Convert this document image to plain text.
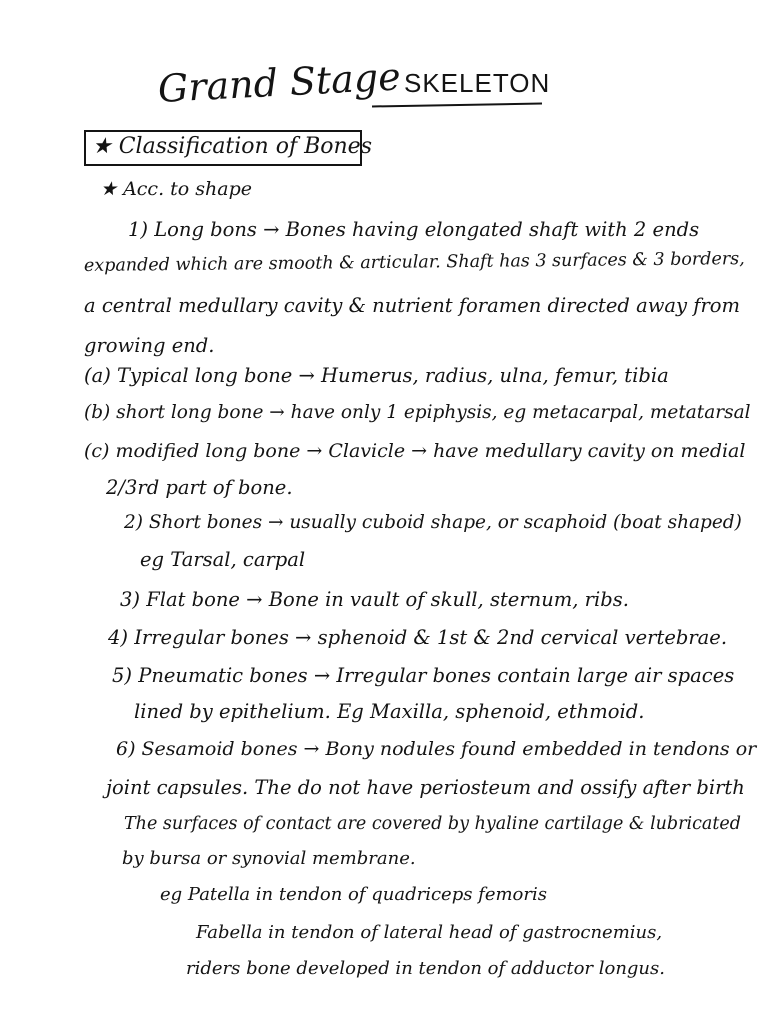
Grand Stage SKELETON
★ Classification of Bones
★ Acc. to shape
1) Long bons → Bones having elongated shaft with 2 ends
expanded which are smooth & articular. Shaft has 3 surfaces & 3 borders,
a central medullary cavity & nutrient foramen directed away from
growing end.
(a) Typical long bone → Humerus, radius, ulna, femur, tibia
(b) short long bone → have only 1 epiphysis, eg metacarpal, metatarsal
(c) modified long bone → Clavicle → have medullary cavity on medial
2/3rd part of bone.
2) Short bones → usually cuboid shape, or scaphoid (boat shaped)
eg Tarsal, carpal
3) Flat bone → Bone in vault of skull, sternum, ribs.
4) Irregular bones → sphenoid & 1st & 2nd cervical vertebrae.
5) Pneumatic bones → Irregular bones contain large air spaces
lined by epithelium. Eg Maxilla, sphenoid, ethmoid.
6) Sesamoid bones → Bony nodules found embedded in tendons or
joint capsules. The do not have periosteum and ossify after birth
The surfaces of contact are covered by hyaline cartilage & lubricated
by bursa or synovial membrane.
eg Patella in tendon of quadriceps femoris
Fabella in tendon of lateral head of gastrocnemius,
riders bone developed in tendon of adductor longus.
